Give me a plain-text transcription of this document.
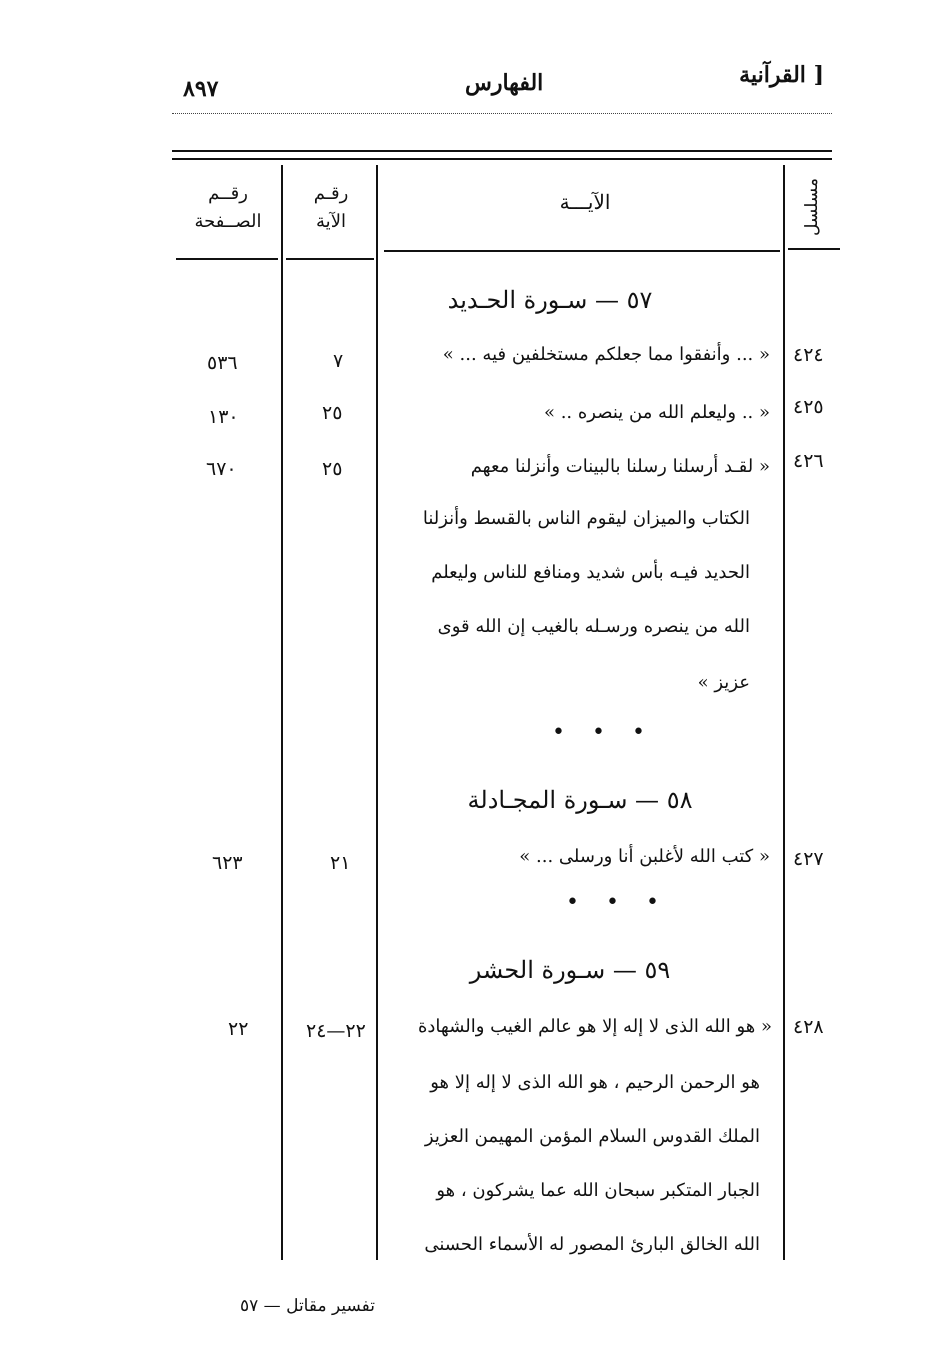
القرآنية ]
الفهارس
٨٩٧
رقــم
الصــفحة
رقـم
الآية
الآيـــة	مسلسل
٥٧ — سـورة الحـديد
٤٢٤
« ... وأنفقوا مما جعلكم مستخلفين فيه ... »
٧
٥٣٦
٤٢٥
« .. وليعلم الله من ينصره .. »
٢٥
١٣٠
٤٢٦
« لقـد أرسلنا رسلنا بالبينات وأنزلنا معهم
الكتاب والميزان ليقوم الناس بالقسط وأنزلنا
الحديد فيـه بأس شديد ومنافع للناس وليعلم
الله من ينصره ورسـله بالغيب إن الله قوى
عزيز »
٢٥
٦٧٠
• • •
٥٨ — سـورة المجـادلة
٤٢٧
« كتب الله لأغلبن أنا ورسلى ... »
٢١
٦٢٣
• • •
٥٩ — سـورة الحشر
٤٢٨
« هو الله الذى لا إله إلا هو عالم الغيب والشهادة
هو الرحمن الرحيم ، هو الله الذى لا إله إلا هو
الملك القدوس السلام المؤمن المهيمن العزيز
الجبار المتكبر سبحان الله عما يشركون ، هو
الله الخالق البارئ المصور له الأسماء الحسنى
٢٢—٢٤
٢٢
تفسير مقاتل — ٥٧
